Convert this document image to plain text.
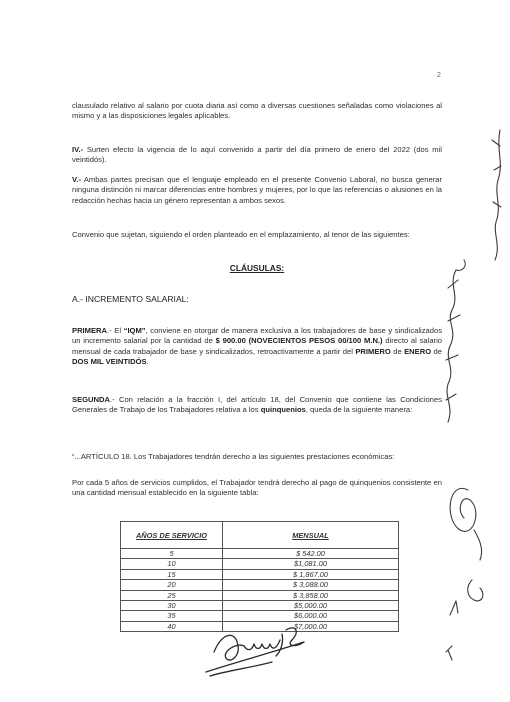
2

clausulado relativo al salario por cuota diaria así como a diversas cuestiones señaladas como violaciones al mismo y a las disposiciones legales aplicables.

IV.- Surten efecto la vigencia de lo aquí convenido a partir del día primero de enero del 2022 (dos mil veintidós).

V.- Ambas partes precisan que el lenguaje empleado en el presente Convenio Laboral, no busca generar ninguna distinción ni marcar diferencias entre hombres y mujeres, por lo que las referencias o alusiones en la redacción hechas hacia un género representan a ambos sexos.

Convenio que sujetan, siguiendo el orden planteado en el emplazamiento, al tenor de las siguientes:

CLÁUSULAS:
A.- INCREMENTO SALARIAL:

PRIMERA.- El “IQM”, conviene en otorgar de manera exclusiva a los trabajadores de base y sindicalizados un incremento salarial por la cantidad de $ 900.00 (NOVECIENTOS PESOS 00/100 M.N.) directo al salario mensual de cada trabajador de base y sindicalizados, retroactivamente a partir del PRIMERO de ENERO de DOS MIL VEINTIDÓS.

SEGUNDA.- Con relación a la fracción I, del artículo 18, del Convenio que contiene las Condiciones Generales de Trabajo de los Trabajadores relativa a los quinquenios, queda de la siguiente manera:

“...ARTÍCULO 18. Los Trabajadores tendrán derecho a las siguientes prestaciones económicas:

Por cada 5 años de servicios cumplidos, el Trabajador tendrá derecho al pago de quinquenios consistente en una cantidad mensual establecido en la siguiente tabla:

AÑOS DE SERVICIO	MENSUAL
5	$ 542.00
10	$1,081.00
15	$ 1,867.00
20	$ 3,088.00
25	$ 3,858.00
30	$5,000.00
35	$6,000.00
40	$7,000.00
